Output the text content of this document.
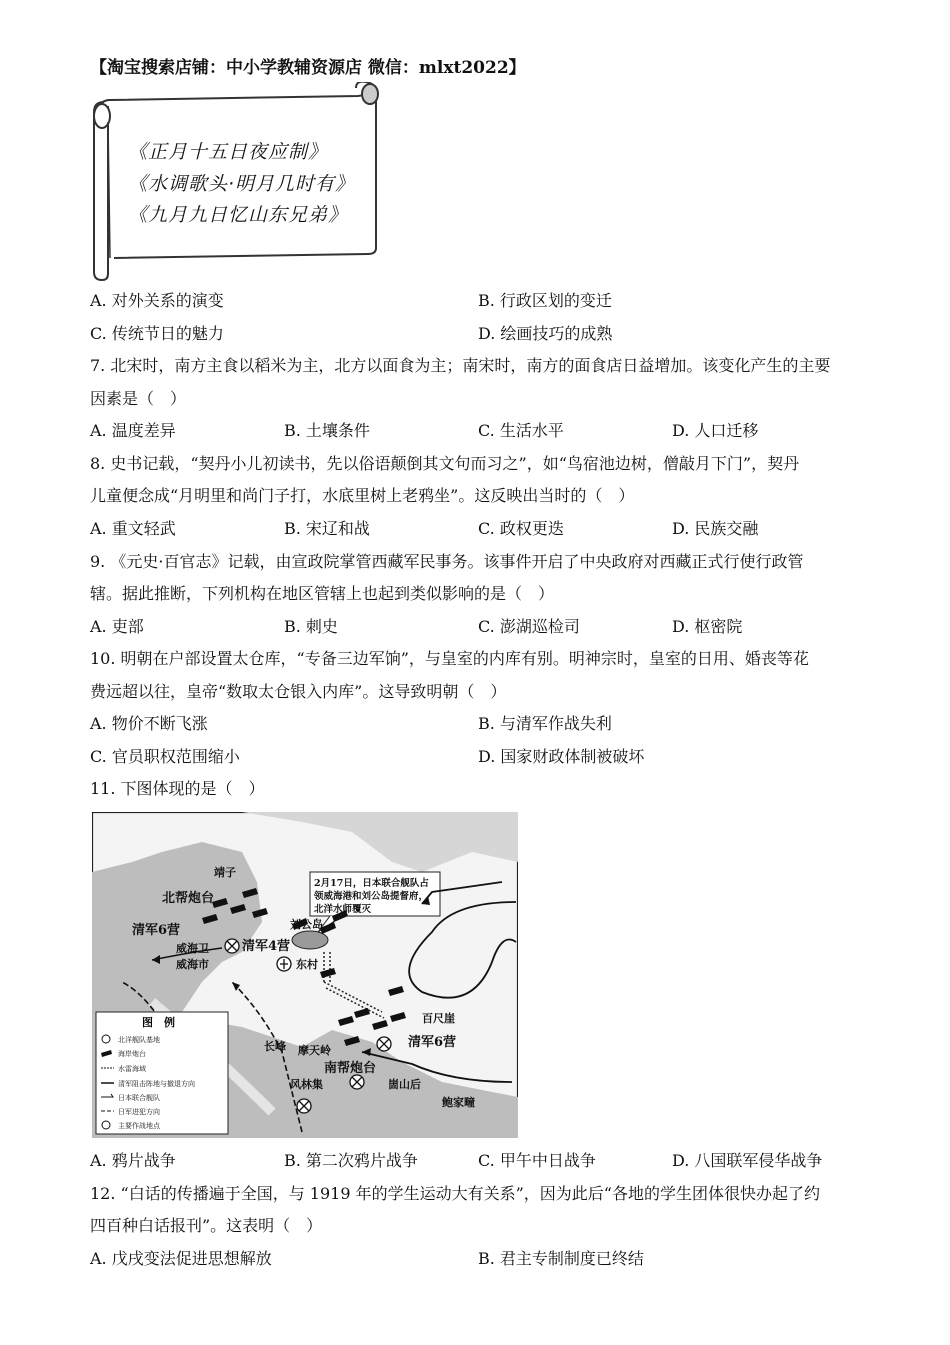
【淘宝搜索店铺：中小学教辅资源店 微信：mlxt2022】
《正月十五日夜应制》
《水调歌头·明月几时有》
《九月九日忆山东兄弟》
A. 对外关系的演变	B. 行政区划的变迁
C. 传统节日的魅力	D. 绘画技巧的成熟
7. 北宋时，南方主食以稻米为主，北方以面食为主；南宋时，南方的面食店日益增加。该变化产生的主要
因素是（　）
A. 温度差异	B. 土壤条件	C. 生活水平	D. 人口迁移
8. 史书记载，“契丹小儿初读书，先以俗语颠倒其文句而习之”，如“鸟宿池边树，僧敲月下门”，契丹
儿童便念成“月明里和尚门子打，水底里树上老鸦坐”。这反映出当时的（　）
A. 重文轻武	B. 宋辽和战	C. 政权更迭	D. 民族交融
9. 《元史·百官志》记载，由宣政院掌管西藏军民事务。该事件开启了中央政府对西藏正式行使行政管
辖。据此推断，下列机构在地区管辖上也起到类似影响的是（　）
A. 吏部	B. 刺史	C. 澎湖巡检司	D. 枢密院
10. 明朝在户部设置太仓库，“专备三边军饷”，与皇室的内库有别。明神宗时，皇室的日用、婚丧等花
费远超以往，皇帝“数取太仓银入内库”。这导致明朝（　）
A. 物价不断飞涨	B. 与清军作战失利
C. 官员职权范围缩小	D. 国家财政体制被破坏
11. 下图体现的是（　）
靖子
北帮炮台
清军6营
威海卫
威海市
清军4营
刘公岛
东村
百尺崖
清军6营
长峰 摩天岭
南帮炮台
风林集	崮山后
鲍家疃
2月17日，日本联合舰队占
领威海港和刘公岛提督府，
北洋水师覆灭
图　例
北洋舰队基地
海岸炮台
水雷海域
清军阻击阵地与撤退方向
日本联合舰队
日军进犯方向
主要作战地点
A. 鸦片战争	B. 第二次鸦片战争	C. 甲午中日战争	D. 八国联军侵华战争
12. “白话的传播遍于全国，与 1919 年的学生运动大有关系”，因为此后“各地的学生团体很快办起了约
四百种白话报刊”。这表明（　）
A. 戊戌变法促进思想解放	B. 君主专制制度已终结
